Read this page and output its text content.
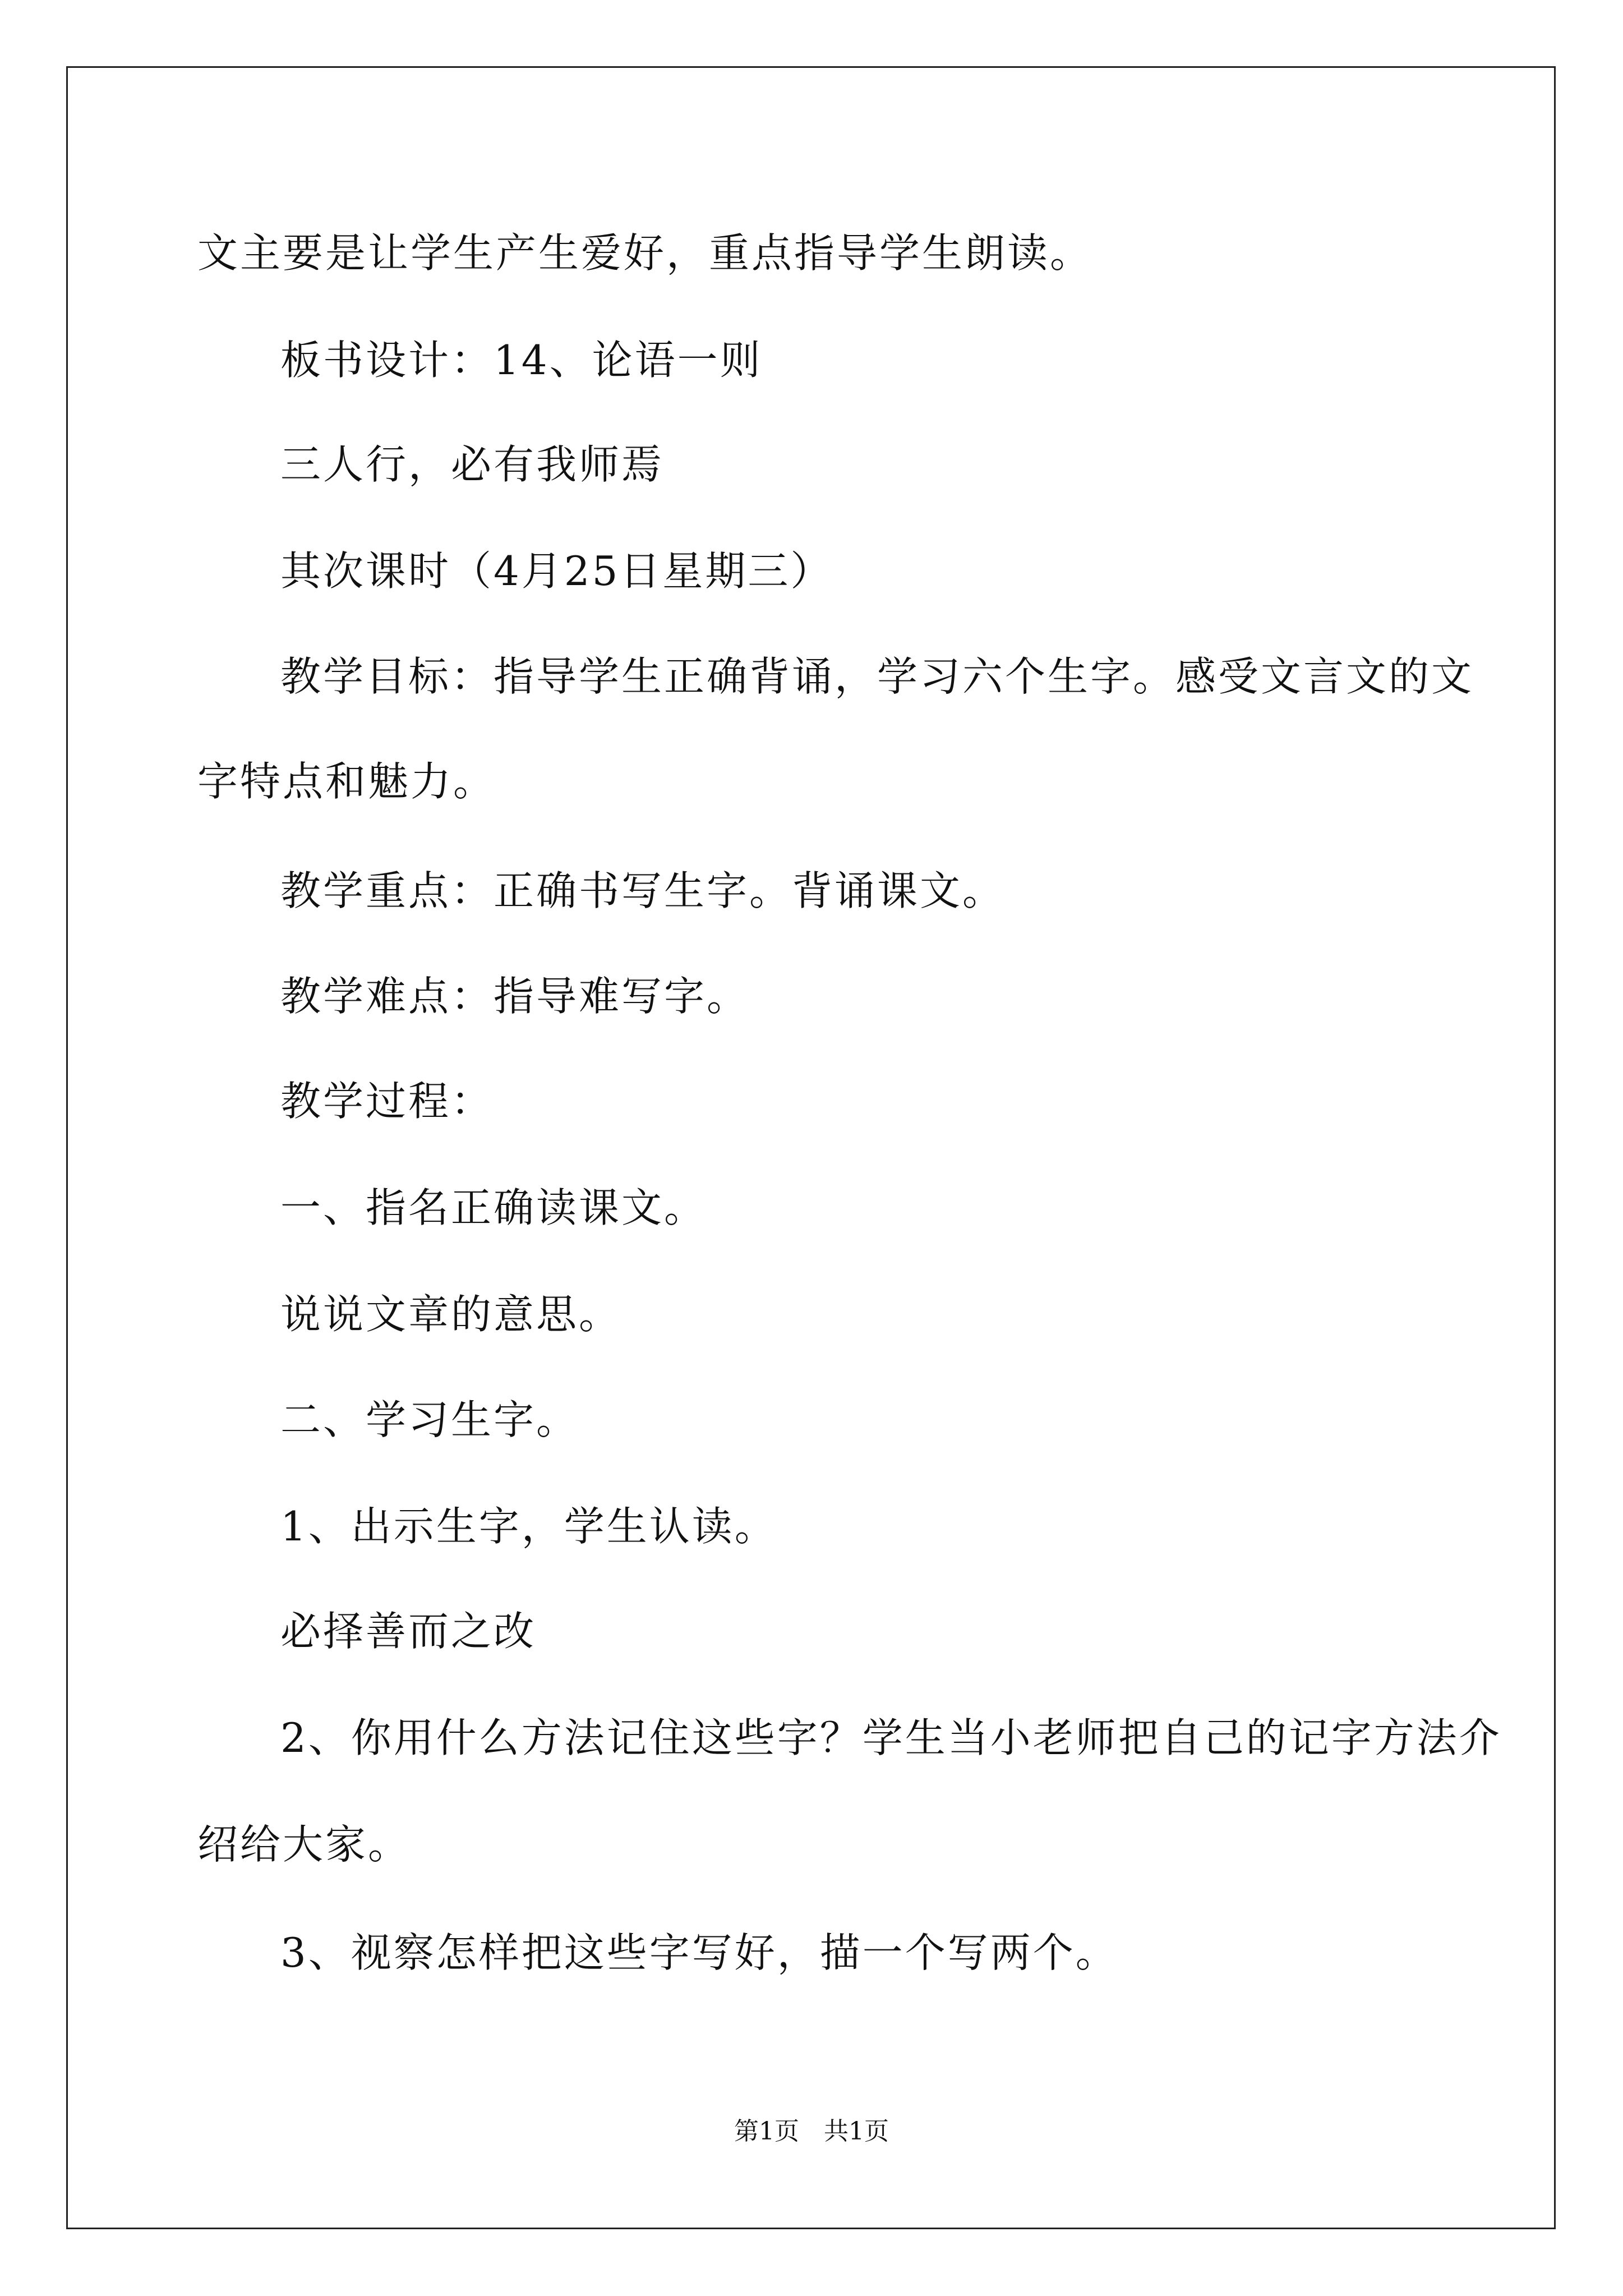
文主要是让学生产生爱好，重点指导学生朗读。
板书设计：14、论语一则
三人行，必有我师焉
其次课时（4月25日星期三）
教学目标：指导学生正确背诵，学习六个生字。感受文言文的文
字特点和魅力。
教学重点：正确书写生字。背诵课文。
教学难点：指导难写字。
教学过程：
一、指名正确读课文。
说说文章的意思。
二、学习生字。
1、出示生字，学生认读。
必择善而之改
2、你用什么方法记住这些字？学生当小老师把自己的记字方法介
绍给大家。
3、视察怎样把这些字写好，描一个写两个。
第1页　共1页
